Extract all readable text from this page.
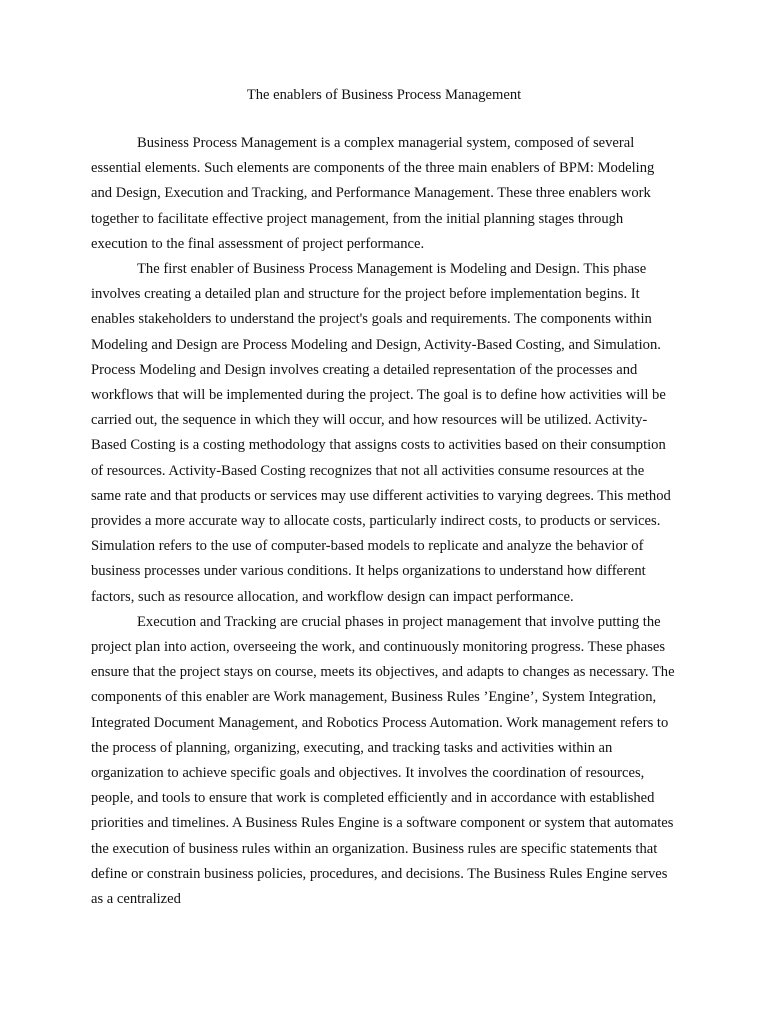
The enablers of Business Process Management

Business Process Management is a complex managerial system, composed of several essential elements. Such elements are components of the three main enablers of BPM: Modeling and Design, Execution and Tracking, and Performance Management. These three enablers work together to facilitate effective project management, from the initial planning stages through execution to the final assessment of project performance.

The first enabler of Business Process Management is Modeling and Design. This phase involves creating a detailed plan and structure for the project before implementation begins. It enables stakeholders to understand the project's goals and requirements. The components within Modeling and Design are Process Modeling and Design, Activity-Based Costing, and Simulation. Process Modeling and Design involves creating a detailed representation of the processes and workflows that will be implemented during the project. The goal is to define how activities will be carried out, the sequence in which they will occur, and how resources will be utilized. Activity-Based Costing is a costing methodology that assigns costs to activities based on their consumption of resources. Activity-Based Costing recognizes that not all activities consume resources at the same rate and that products or services may use different activities to varying degrees. This method provides a more accurate way to allocate costs, particularly indirect costs, to products or services. Simulation refers to the use of computer-based models to replicate and analyze the behavior of business processes under various conditions. It helps organizations to understand how different factors, such as resource allocation, and workflow design can impact performance.

Execution and Tracking are crucial phases in project management that involve putting the project plan into action, overseeing the work, and continuously monitoring progress. These phases ensure that the project stays on course, meets its objectives, and adapts to changes as necessary. The components of this enabler are Work management, Business Rules ’Engine’, System Integration, Integrated Document Management, and Robotics Process Automation. Work management refers to the process of planning, organizing, executing, and tracking tasks and activities within an organization to achieve specific goals and objectives. It involves the coordination of resources, people, and tools to ensure that work is completed efficiently and in accordance with established priorities and timelines. A Business Rules Engine is a software component or system that automates the execution of business rules within an organization. Business rules are specific statements that define or constrain business policies, procedures, and decisions. The Business Rules Engine serves as a centralized
